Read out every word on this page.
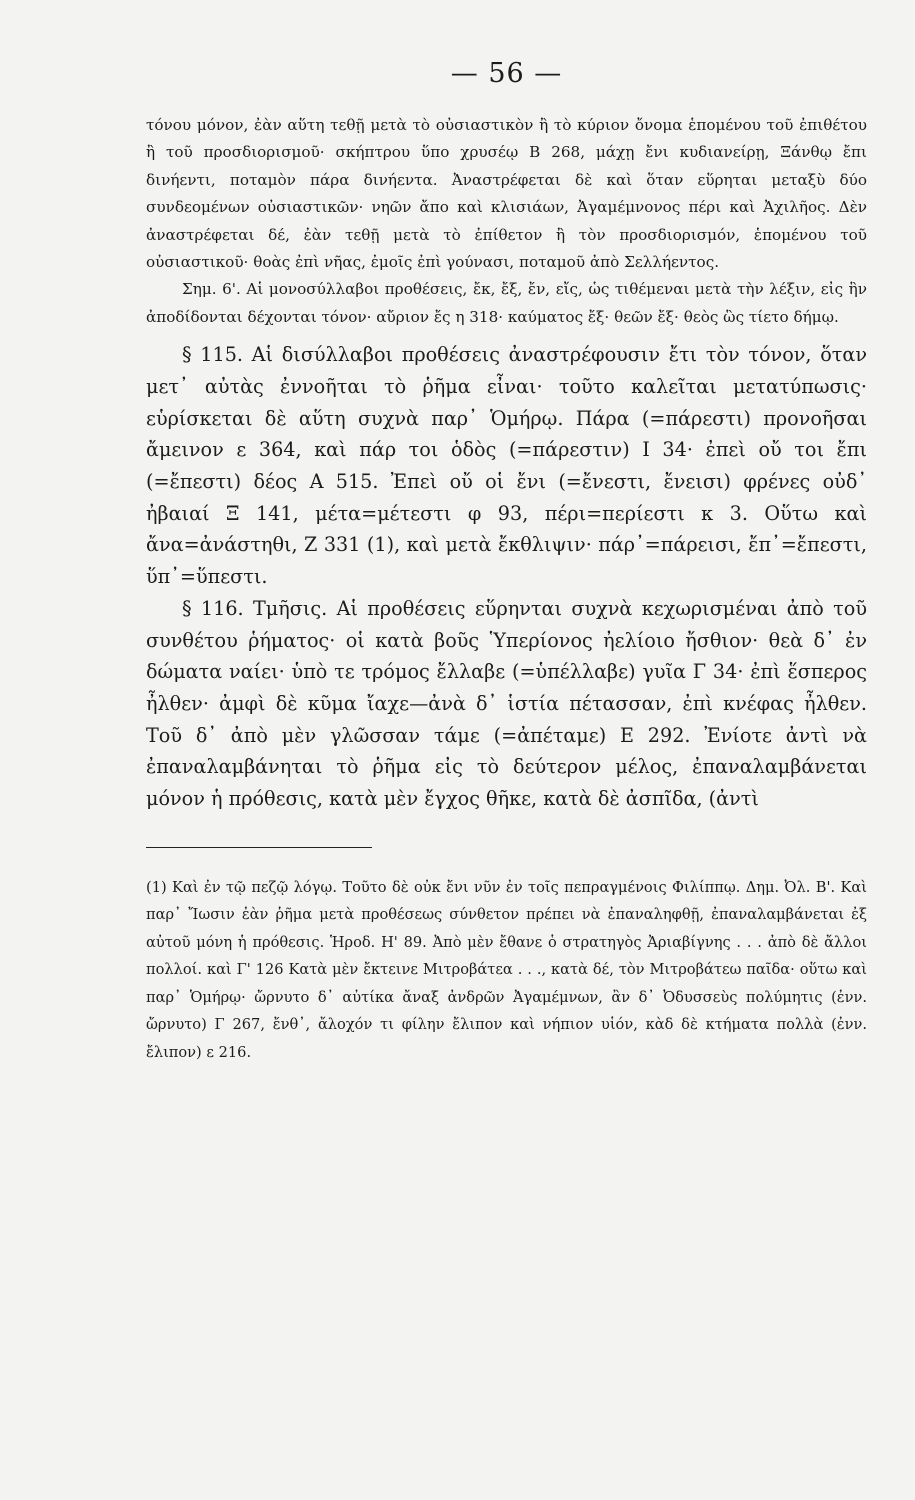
— 56 —

τόνου μόνον, ἐὰν αὕτη τεθῇ μετὰ τὸ οὐσιαστικὸν ἢ τὸ κύριον ὄνομα ἑπομένου τοῦ ἐπιθέτου ἢ τοῦ προσδιορισμοῦ· σκήπτρου ὕπο χρυσέῳ Β 268, μάχῃ ἔνι κυδιανείρῃ, Ξάνθῳ ἔπι δινήεντι, ποταμὸν πάρα δινήεντα. Ἀναστρέφεται δὲ καὶ ὅταν εὕρηται μεταξὺ δύο συνδεομένων οὐσιαστικῶν· νηῶν ἄπο καὶ κλισιάων, Ἀγαμέμνονος πέρι καὶ Ἀχιλῆος. Δὲν ἀναστρέφεται δέ, ἐὰν τεθῇ μετὰ τὸ ἐπίθετον ἢ τὸν προσδιορισμόν, ἑπομένου τοῦ οὐσιαστικοῦ· θοὰς ἐπὶ νῆας, ἐμοῖς ἐπὶ γούνασι, ποταμοῦ ἀπὸ Σελλήεντος.

Σημ. 6'. Αἱ μονοσύλλαβοι προθέσεις, ἔκ, ἔξ, ἔν, εἴς, ὡς τιθέμεναι μετὰ τὴν λέξιν, εἰς ἣν ἀποδίδονται δέχονται τόνον· αὔριον ἔς η 318· καύματος ἔξ· θεῶν ἔξ· θεὸς ὣς τίετο δήμῳ.

§ 115. Αἱ δισύλλαβοι προθέσεις ἀναστρέφουσιν ἔτι τὸν τόνον, ὅταν μετ᾿ αὐτὰς ἐννοῆται τὸ ῥῆμα εἶναι· τοῦτο καλεῖται μετατύπωσις· εὑρίσκεται δὲ αὕτη συχνὰ παρ᾿ Ὁμήρῳ. Πάρα (=πάρεστι) προνοῆσαι ἄμεινον ε 364, καὶ πάρ τοι ὁδὸς (=πάρεστιν) Ι 34· ἐπεὶ οὔ τοι ἔπι (=ἔπεστι) δέος Α 515. Ἐπεὶ οὔ οἱ ἔνι (=ἔνεστι, ἔνεισι) φρένες οὐδ᾿ ἠβαιαί Ξ 141, μέτα=μέτεστι φ 93, πέρι=περίεστι κ 3. Οὕτω καὶ ἄνα=ἀνάστηθι, Ζ 331 (1), καὶ μετὰ ἔκθλιψιν· πάρ᾿=πάρεισι, ἔπ᾿=ἔπεστι, ὕπ᾿=ὕπεστι.

§ 116. Τμῆσις. Αἱ προθέσεις εὕρηνται συχνὰ κεχωρισμέναι ἀπὸ τοῦ συνθέτου ῥήματος· οἱ κατὰ βοῦς Ὑπερίονος ἠελίοιο ἤσθιον· θεὰ δ᾿ ἐν δώματα ναίει· ὑπὸ τε τρόμος ἔλλαβε (=ὑπέλλαβε) γυῖα Γ 34· ἐπὶ ἕσπερος ἦλθεν· ἀμφὶ δὲ κῦμα ἴαχε—ἀνὰ δ᾿ ἱστία πέτασσαν, ἐπὶ κνέφας ἦλθεν. Τοῦ δ᾿ ἀπὸ μὲν γλῶσσαν τάμε (=ἀπέταμε) Ε 292. Ἐνίοτε ἀντὶ νὰ ἐπαναλαμβάνηται τὸ ῥῆμα εἰς τὸ δεύτερον μέλος, ἐπαναλαμβάνεται μόνον ἡ πρόθεσις, κατὰ μὲν ἔγχος θῆκε, κατὰ δὲ ἀσπῖδα, (ἀντὶ

(1) Καὶ ἐν τῷ πεζῷ λόγῳ. Τοῦτο δὲ οὐκ ἔνι νῦν ἐν τοῖς πεπραγμένοις Φιλίππῳ. Δημ. Ὀλ. Β'. Καὶ παρ᾿ Ἴωσιν ἐὰν ῥῆμα μετὰ προθέσεως σύνθετον πρέπει νὰ ἐπαναληφθῇ, ἐπαναλαμβάνεται ἐξ αὐτοῦ μόνη ἡ πρόθεσις. Ἡροδ. Η' 89. Ἀπὸ μὲν ἔθανε ὁ στρατηγὸς Ἀριαβίγνης . . . ἀπὸ δὲ ἄλλοι πολλοί. καὶ Γ' 126 Κατὰ μὲν ἔκτεινε Μιτροβάτεα . . ., κατὰ δέ, τὸν Μιτροβάτεω παῖδα· οὕτω καὶ παρ᾿ Ὁμήρῳ· ὤρνυτο δ᾿ αὐτίκα ἄναξ ἀνδρῶν Ἀγαμέμνων, ἂν δ᾿ Ὀδυσσεὺς πολύμητις (ἐνν. ὤρνυτο) Γ 267, ἔνθ᾿, ἄλοχόν τι φίλην ἔλιπον καὶ νήπιον υἱόν, κὰδ δὲ κτήματα πολλὰ (ἐνν. ἔλιπον) ε 216.
